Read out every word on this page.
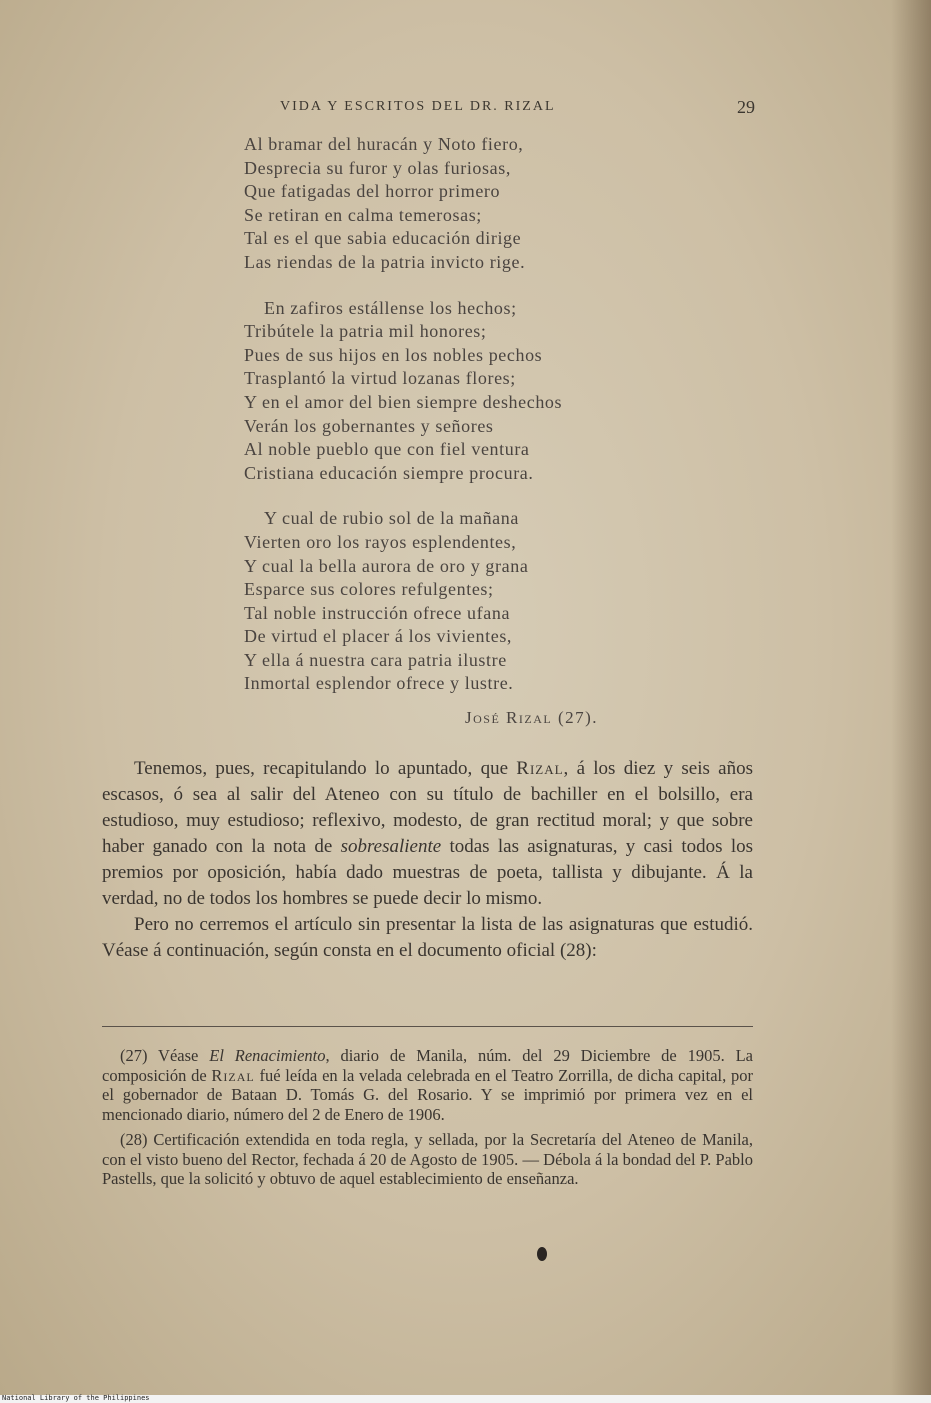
VIDA Y ESCRITOS DEL DR. RIZAL	29
Al bramar del huracán y Noto fiero,
Desprecia su furor y olas furiosas,
Que fatigadas del horror primero
Se retiran en calma temerosas;
Tal es el que sabia educación dirige
Las riendas de la patria invicto rige.
En zafiros estállense los hechos;
Tribútele la patria mil honores;
Pues de sus hijos en los nobles pechos
Trasplantó la virtud lozanas flores;
Y en el amor del bien siempre deshechos
Verán los gobernantes y señores
Al noble pueblo que con fiel ventura
Cristiana educación siempre procura.
Y cual de rubio sol de la mañana
Vierten oro los rayos esplendentes,
Y cual la bella aurora de oro y grana
Esparce sus colores refulgentes;
Tal noble instrucción ofrece ufana
De virtud el placer á los vivientes,
Y ella á nuestra cara patria ilustre
Inmortal esplendor ofrece y lustre.
José Rizal (27).

Tenemos, pues, recapitulando lo apuntado, que Rizal, á los diez y seis años escasos, ó sea al salir del Ateneo con su título de bachiller en el bolsillo, era estudioso, muy estudioso; reflexivo, modesto, de gran rectitud moral; y que sobre haber ganado con la nota de sobresaliente todas las asignaturas, y casi todos los premios por oposición, había dado muestras de poeta, tallista y dibujante. Á la verdad, no de todos los hombres se puede decir lo mismo.

Pero no cerremos el artículo sin presentar la lista de las asignaturas que estudió. Véase á continuación, según consta en el documento oficial (28):

(27) Véase El Renacimiento, diario de Manila, núm. del 29 Diciembre de 1905. La composición de Rizal fué leída en la velada celebrada en el Teatro Zorrilla, de dicha capital, por el gobernador de Bataan D. Tomás G. del Rosario. Y se imprimió por primera vez en el mencionado diario, número del 2 de Enero de 1906.

(28) Certificación extendida en toda regla, y sellada, por la Secretaría del Ateneo de Manila, con el visto bueno del Rector, fechada á 20 de Agosto de 1905. — Débola á la bondad del P. Pablo Pastells, que la solicitó y obtuvo de aquel establecimiento de enseñanza.

National Library of the Philippines
